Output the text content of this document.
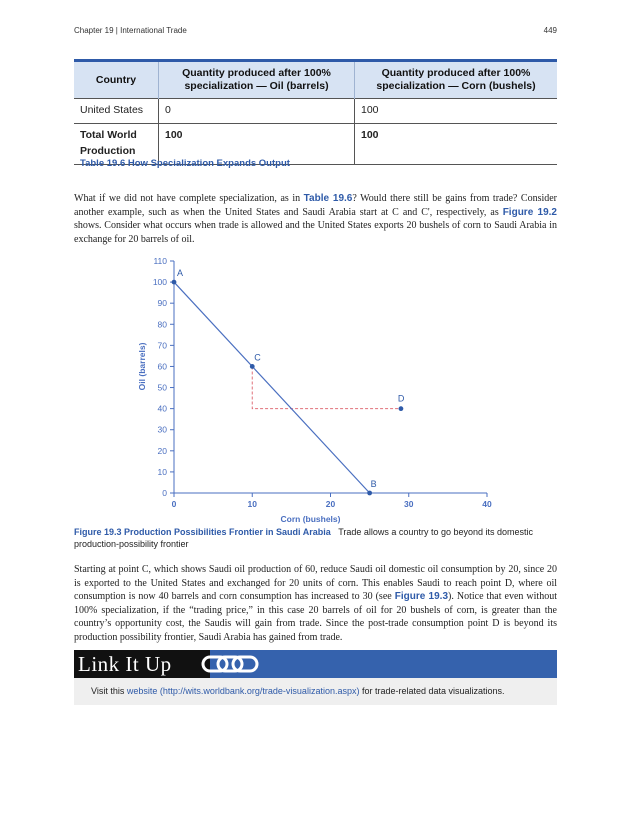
Chapter 19 | International Trade	449
Country	Quantity produced after 100% specialization — Oil (barrels)	Quantity produced after 100% specialization — Corn (bushels)
United States	0	100
Total World Production	100	100
Table 19.6 How Specialization Expands Output
What if we did not have complete specialization, as in Table 19.6? Would there still be gains from trade? Consider another example, such as when the United States and Saudi Arabia start at C and C', respectively, as Figure 19.2 shows. Consider what occurs when trade is allowed and the United States exports 20 bushels of corn to Saudi Arabia in exchange for 20 barrels of oil.
0
10
20
30
40
50
60
70
80
90
100
110
0	10	20	30	40
Corn (bushels)
Oil (barrels)
A
C
D
B
Figure 19.3 Production Possibilities Frontier in Saudi Arabia Trade allows a country to go beyond its domestic production-possibility frontier
Starting at point C, which shows Saudi oil production of 60, reduce Saudi oil domestic oil consumption by 20, since 20 is exported to the United States and exchanged for 20 units of corn. This enables Saudi to reach point D, where oil consumption is now 40 barrels and corn consumption has increased to 30 (see Figure 19.3). Notice that even without 100% specialization, if the “trading price,” in this case 20 barrels of oil for 20 bushels of corn, is greater than the country’s opportunity cost, the Saudis will gain from trade. Since the post-trade consumption point D is beyond its production possibility frontier, Saudi Arabia has gained from trade.
Link It Up
Visit this website (http://wits.worldbank.org/trade-visualization.aspx) for trade-related data visualizations.
